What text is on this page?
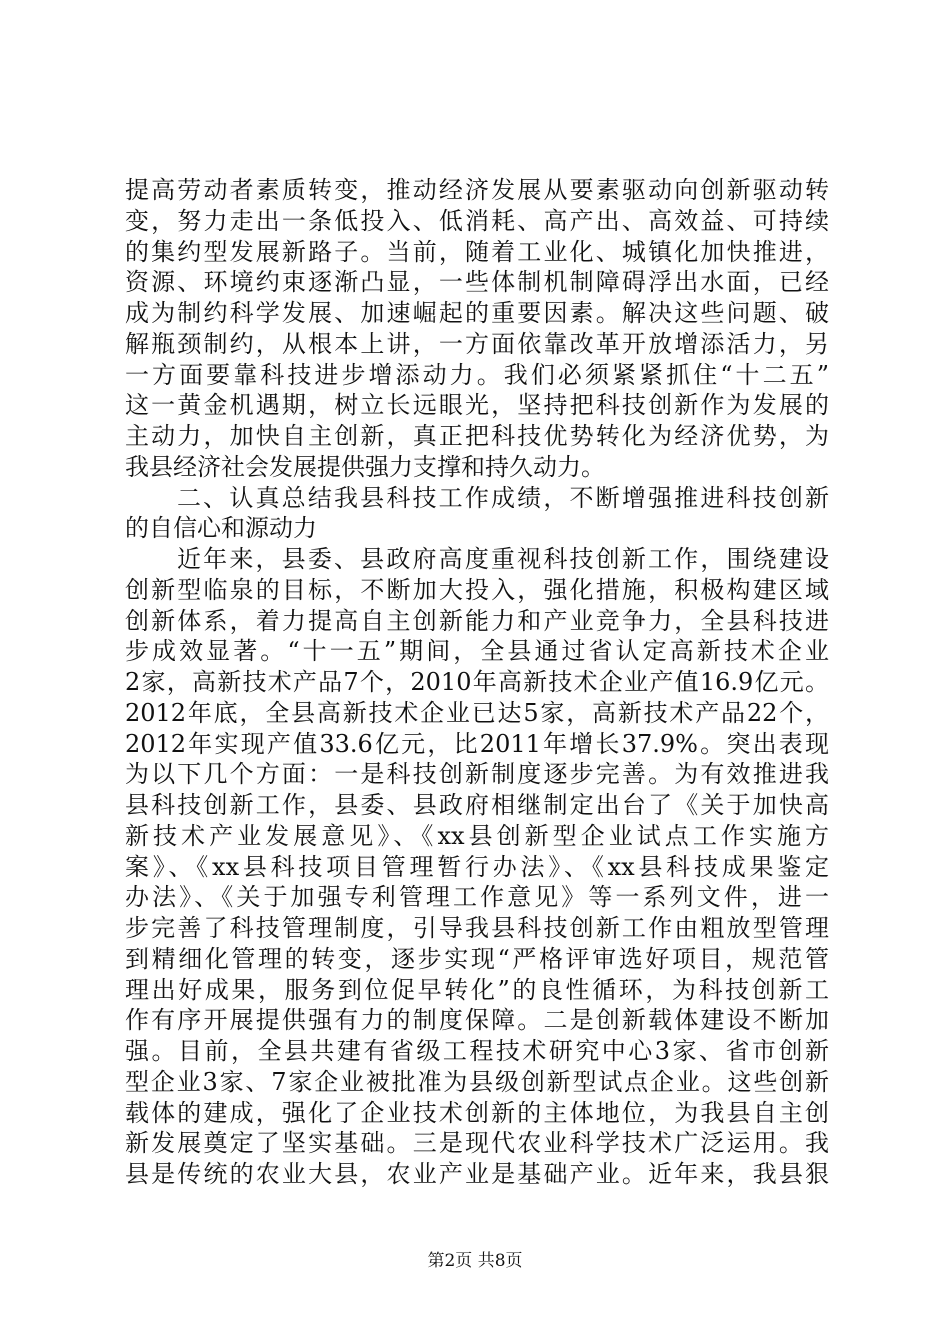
提高劳动者素质转变，推动经济发展从要素驱动向创新驱动转
变，努力走出一条低投入、低消耗、高产出、高效益、可持续
的集约型发展新路子。当前，随着工业化、城镇化加快推进，
资源、环境约束逐渐凸显，一些体制机制障碍浮出水面，已经
成为制约科学发展、加速崛起的重要因素。解决这些问题、破
解瓶颈制约，从根本上讲，一方面依靠改革开放增添活力，另
一方面要靠科技进步增添动力。我们必须紧紧抓住“十二五”
这一黄金机遇期，树立长远眼光，坚持把科技创新作为发展的
主动力，加快自主创新，真正把科技优势转化为经济优势，为
我县经济社会发展提供强力支撑和持久动力。
二、认真总结我县科技工作成绩，不断增强推进科技创新
的自信心和源动力
近年来，县委、县政府高度重视科技创新工作，围绕建设
创新型临泉的目标，不断加大投入，强化措施，积极构建区域
创新体系，着力提高自主创新能力和产业竞争力，全县科技进
步成效显著。“十一五”期间，全县通过省认定高新技术企业
2家，高新技术产品7个，2010年高新技术企业产值16.9亿元。
2012年底，全县高新技术企业已达5家，高新技术产品22个，
2012年实现产值33.6亿元，比2011年增长37.9%。突出表现
为以下几个方面：一是科技创新制度逐步完善。为有效推进我
县科技创新工作，县委、县政府相继制定出台了《关于加快高
新技术产业发展意见》、《xx县创新型企业试点工作实施方
案》、《xx县科技项目管理暂行办法》、《xx县科技成果鉴定
办法》、《关于加强专利管理工作意见》等一系列文件，进一
步完善了科技管理制度，引导我县科技创新工作由粗放型管理
到精细化管理的转变，逐步实现“严格评审选好项目，规范管
理出好成果，服务到位促早转化”的良性循环，为科技创新工
作有序开展提供强有力的制度保障。二是创新载体建设不断加
强。目前，全县共建有省级工程技术研究中心3家、省市创新
型企业3家、7家企业被批准为县级创新型试点企业。这些创新
载体的建成，强化了企业技术创新的主体地位，为我县自主创
新发展奠定了坚实基础。三是现代农业科学技术广泛运用。我
县是传统的农业大县，农业产业是基础产业。近年来，我县狠
第2页 共8页
